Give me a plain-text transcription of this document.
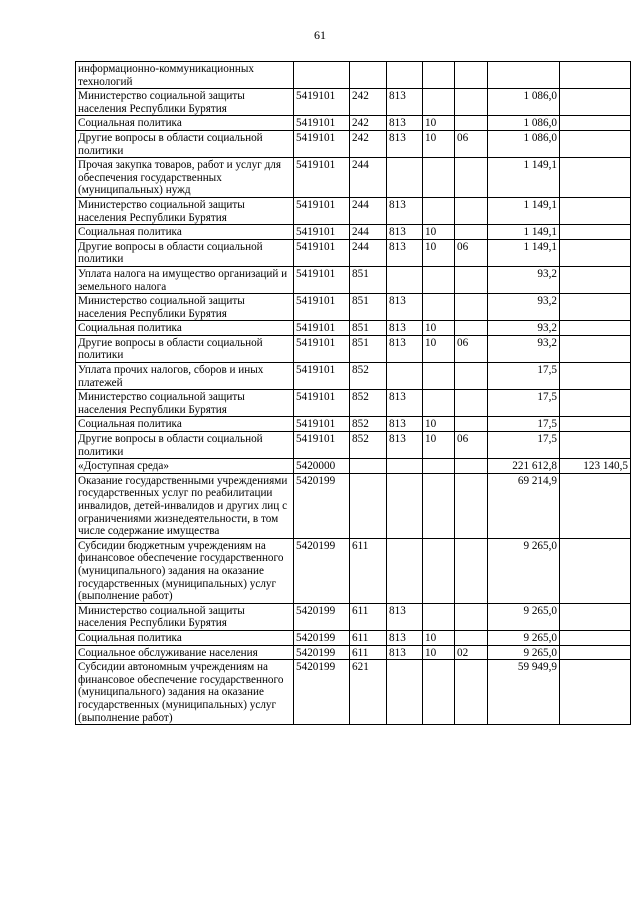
61
информационно-коммуникационных технологий							
Министерство социальной защиты населения Республики Бурятия	5419101	242	813			1 086,0	
Социальная политика	5419101	242	813	10		1 086,0	
Другие вопросы в области социальной политики	5419101	242	813	10	06	1 086,0	
Прочая закупка товаров, работ и услуг для обеспечения государственных (муниципальных) нужд	5419101	244				1 149,1	
Министерство социальной защиты населения Республики Бурятия	5419101	244	813			1 149,1	
Социальная политика	5419101	244	813	10		1 149,1	
Другие вопросы в области социальной политики	5419101	244	813	10	06	1 149,1	
Уплата налога на имущество организаций и земельного налога	5419101	851				93,2	
Министерство социальной защиты населения Республики Бурятия	5419101	851	813			93,2	
Социальная политика	5419101	851	813	10		93,2	
Другие вопросы в области социальной политики	5419101	851	813	10	06	93,2	
Уплата прочих налогов, сборов и иных платежей	5419101	852				17,5	
Министерство социальной защиты населения Республики Бурятия	5419101	852	813			17,5	
Социальная политика	5419101	852	813	10		17,5	
Другие вопросы в области социальной политики	5419101	852	813	10	06	17,5	
«Доступная среда»	5420000					221 612,8	123 140,5
Оказание государственными учреждениями государственных услуг по реабилитации инвалидов, детей-инвалидов и других лиц с ограничениями жизнедеятельности, в том числе содержание имущества	5420199					69 214,9	
Субсидии бюджетным учреждениям на финансовое обеспечение государственного (муниципального) задания на оказание государственных (муниципальных) услуг (выполнение работ)	5420199	611				9 265,0	
Министерство социальной защиты населения Республики Бурятия	5420199	611	813			9 265,0	
Социальная политика	5420199	611	813	10		9 265,0	
Социальное обслуживание населения	5420199	611	813	10	02	9 265,0	
Субсидии автономным учреждениям на финансовое обеспечение государственного (муниципального) задания на оказание государственных (муниципальных) услуг (выполнение работ)	5420199	621				59 949,9	
